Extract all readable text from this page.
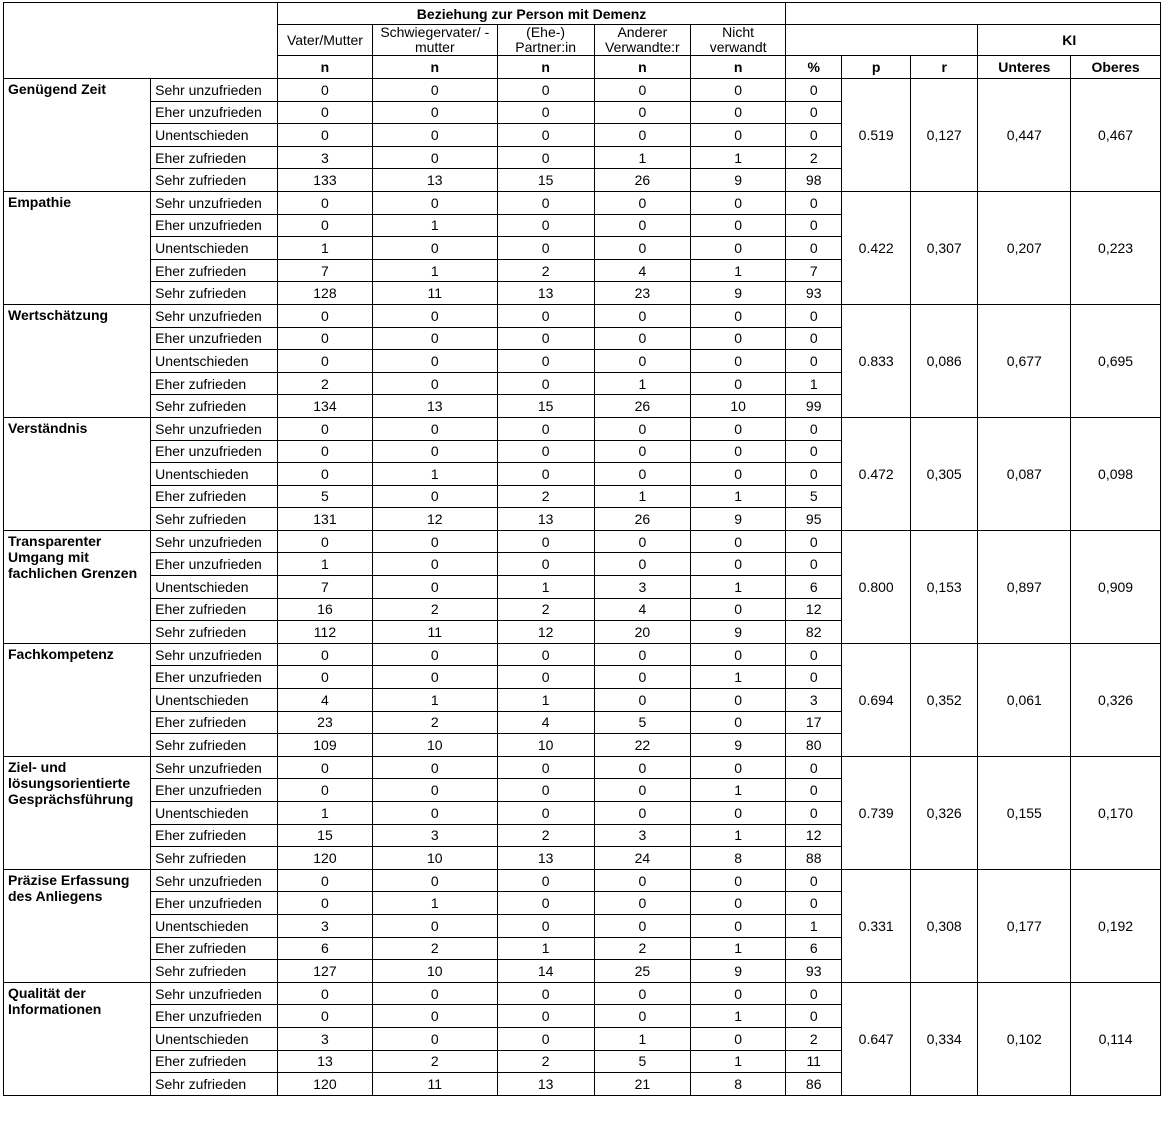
		Beziehung zur Person mit Demenz									
		Vater/Mutter	Schwiegervater/ -mutter	(Ehe-) Partner:in	Anderer Verwandte:r	Nicht verwandt					
										KI	
		n	n	n	n	n	%	p	r	Unteres	Oberes
Genügend Zeit	Sehr unzufrieden	0	0	0	0	0	0	0.519	0,127	0,447	0,467
	Eher unzufrieden	0	0	0	0	0	0				
	Unentschieden	0	0	0	0	0	0				
	Eher zufrieden	3	0	0	1	1	2				
	Sehr zufrieden	133	13	15	26	9	98				
Empathie	Sehr unzufrieden	0	0	0	0	0	0	0.422	0,307	0,207	0,223
	Eher unzufrieden	0	1	0	0	0	0				
	Unentschieden	1	0	0	0	0	0				
	Eher zufrieden	7	1	2	4	1	7				
	Sehr zufrieden	128	11	13	23	9	93				
Wertschätzung	Sehr unzufrieden	0	0	0	0	0	0	0.833	0,086	0,677	0,695
	Eher unzufrieden	0	0	0	0	0	0				
	Unentschieden	0	0	0	0	0	0				
	Eher zufrieden	2	0	0	1	0	1				
	Sehr zufrieden	134	13	15	26	10	99				
Verständnis	Sehr unzufrieden	0	0	0	0	0	0	0.472	0,305	0,087	0,098
	Eher unzufrieden	0	0	0	0	0	0				
	Unentschieden	0	1	0	0	0	0				
	Eher zufrieden	5	0	2	1	1	5				
	Sehr zufrieden	131	12	13	26	9	95				
Transparenter Umgang mit fachlichen Grenzen	Sehr unzufrieden	0	0	0	0	0	0	0.800	0,153	0,897	0,909
	Eher unzufrieden	1	0	0	0	0	0				
	Unentschieden	7	0	1	3	1	6				
	Eher zufrieden	16	2	2	4	0	12				
	Sehr zufrieden	112	11	12	20	9	82				
Fachkompetenz	Sehr unzufrieden	0	0	0	0	0	0	0.694	0,352	0,061	0,326
	Eher unzufrieden	0	0	0	0	1	0				
	Unentschieden	4	1	1	0	0	3				
	Eher zufrieden	23	2	4	5	0	17				
	Sehr zufrieden	109	10	10	22	9	80				
Ziel- und lösungsorientierte Gesprächsführung	Sehr unzufrieden	0	0	0	0	0	0	0.739	0,326	0,155	0,170
	Eher unzufrieden	0	0	0	0	1	0				
	Unentschieden	1	0	0	0	0	0				
	Eher zufrieden	15	3	2	3	1	12				
	Sehr zufrieden	120	10	13	24	8	88				
Präzise Erfassung des Anliegens	Sehr unzufrieden	0	0	0	0	0	0	0.331	0,308	0,177	0,192
	Eher unzufrieden	0	1	0	0	0	0				
	Unentschieden	3	0	0	0	0	1				
	Eher zufrieden	6	2	1	2	1	6				
	Sehr zufrieden	127	10	14	25	9	93				
Qualität der Informationen	Sehr unzufrieden	0	0	0	0	0	0	0.647	0,334	0,102	0,114
	Eher unzufrieden	0	0	0	0	1	0				
	Unentschieden	3	0	0	1	0	2				
	Eher zufrieden	13	2	2	5	1	11				
	Sehr zufrieden	120	11	13	21	8	86				
